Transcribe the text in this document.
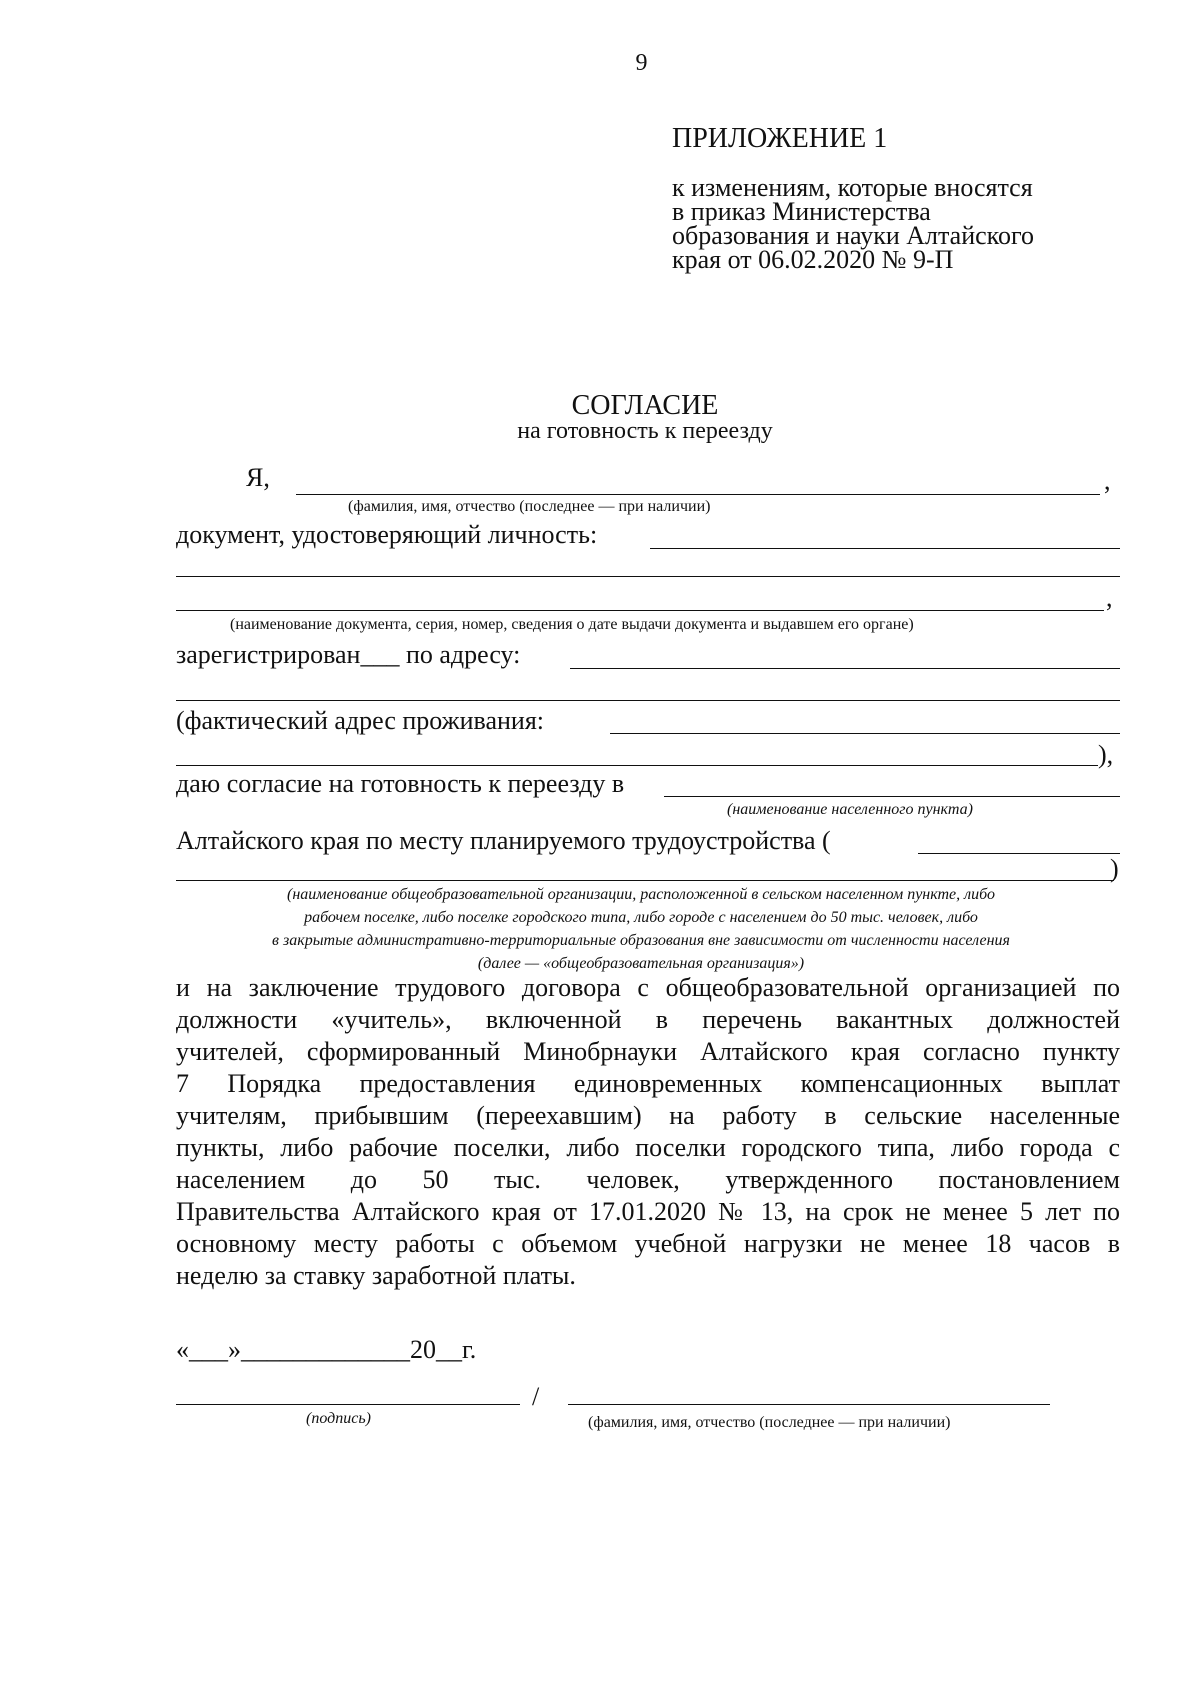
9
ПРИЛОЖЕНИЕ 1
к изменениям, которые вносятся
в приказ Министерства
образования и науки Алтайского
края от 06.02.2020 № 9-П
СОГЛАСИЕ
на готовность к переезду
Я,	,
(фамилия, имя, отчество (последнее — при наличии)
документ, удостоверяющий личность:
,
(наименование документа, серия, номер, сведения о дате выдачи документа и выдавшем его органе)
зарегистрирован___ по адресу:
(фактический адрес проживания:
),
даю согласие на готовность к переезду в
(наименование населенного пункта)
Алтайского края по месту планируемого трудоустройства (
)
(наименование общеобразовательной организации, расположенной в сельском населенном пункте, либо
рабочем поселке, либо поселке городского типа, либо городе с населением до 50 тыс. человек, либо
в закрытые административно-территориальные образования вне зависимости от численности населения
(далее — «общеобразовательная организация»)
и на заключение трудового договора с общеобразовательной организацией по
должности «учитель», включенной в перечень вакантных должностей
учителей, сформированный Минобрнауки Алтайского края согласно пункту
7 Порядка предоставления единовременных компенсационных выплат
учителям, прибывшим (переехавшим) на работу в сельские населенные
пункты, либо рабочие поселки, либо поселки городского типа, либо города с
населением до 50 тыс. человек, утвержденного постановлением
Правительства Алтайского края от 17.01.2020 № 13, на срок не менее 5 лет по
основному месту работы с объемом учебной нагрузки не менее 18 часов в
неделю за ставку заработной платы.
«___»_____________20__г.
/
(подпись)	(фамилия, имя, отчество (последнее — при наличии)
